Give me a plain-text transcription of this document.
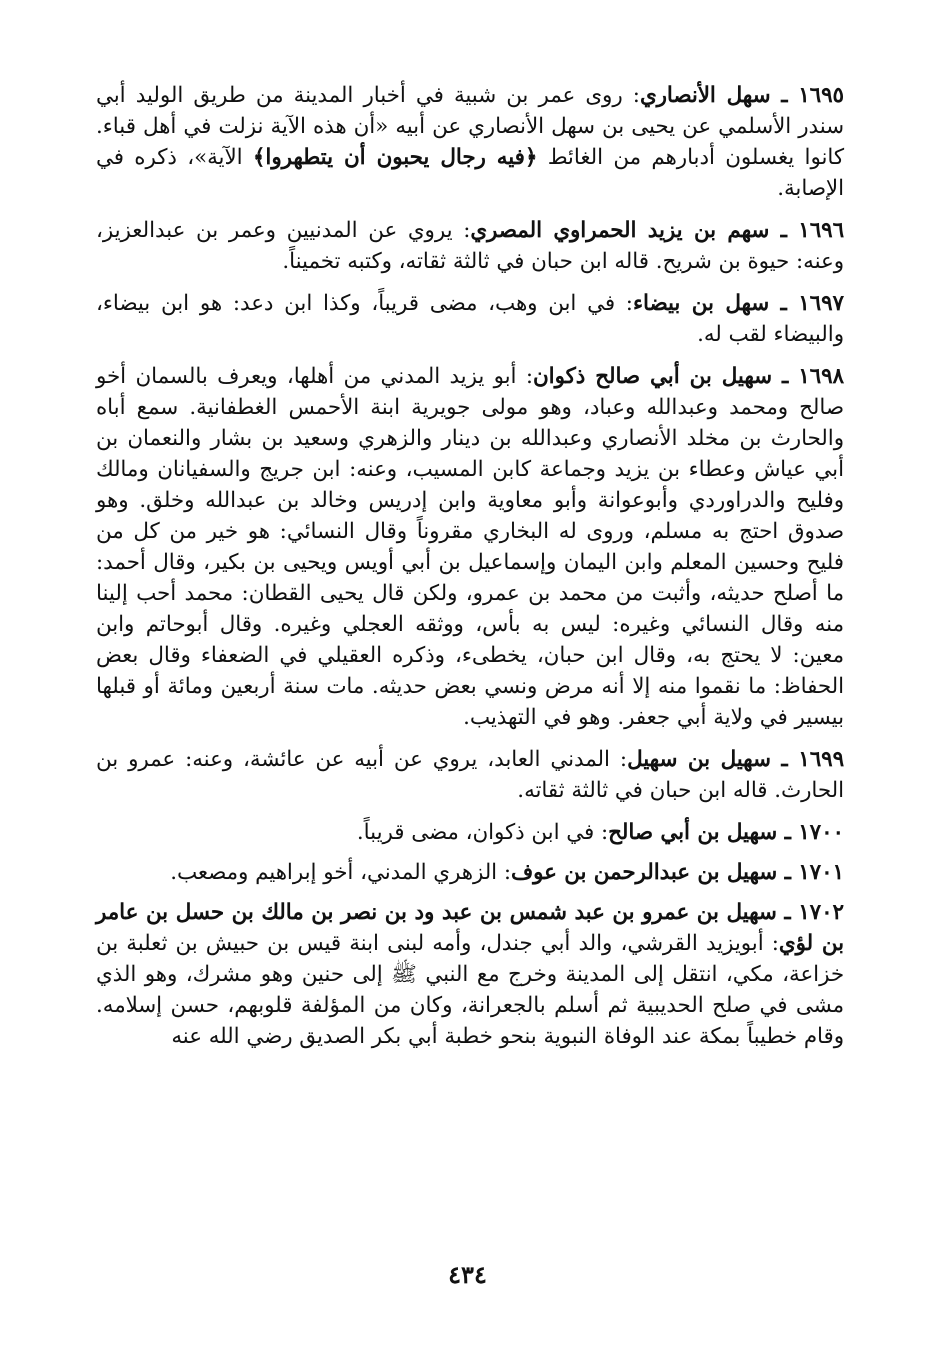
١٦٩٥ ـ سهل الأنصاري: روى عمر بن شبية في أخبار المدينة من طريق الوليد أبي سندر الأسلمي عن يحيى بن سهل الأنصاري عن أبيه «أن هذه الآية نزلت في أهل قباء. كانوا يغسلون أدبارهم من الغائط ﴿فيه رجال يحبون أن يتطهروا﴾ الآية»، ذكره في الإصابة.

١٦٩٦ ـ سهم بن يزيد الحمراوي المصري: يروي عن المدنيين وعمر بن عبدالعزيز، وعنه: حيوة بن شريح. قاله ابن حبان في ثالثة ثقاته، وكتبه تخميناً.

١٦٩٧ ـ سهل بن بيضاء: في ابن وهب، مضى قريباً، وكذا ابن دعد: هو ابن بيضاء، والبيضاء لقب له.

١٦٩٨ ـ سهيل بن أبي صالح ذكوان: أبو يزيد المدني من أهلها، ويعرف بالسمان أخو صالح ومحمد وعبدالله وعباد، وهو مولى جويرية ابنة الأحمس الغطفانية. سمع أباه والحارث بن مخلد الأنصاري وعبدالله بن دينار والزهري وسعيد بن بشار والنعمان بن أبي عياش وعطاء بن يزيد وجماعة كابن المسيب، وعنه: ابن جريج والسفيانان ومالك وفليح والدراوردي وأبوعوانة وأبو معاوية وابن إدريس وخالد بن عبدالله وخلق. وهو صدوق احتج به مسلم، وروى له البخاري مقروناً وقال النسائي: هو خير من كل من فليح وحسين المعلم وابن اليمان وإسماعيل بن أبي أويس ويحيى بن بكير، وقال أحمد: ما أصلح حديثه، وأثبت من محمد بن عمرو، ولكن قال يحيى القطان: محمد أحب إلينا منه وقال النسائي وغيره: ليس به بأس، ووثقه العجلي وغيره. وقال أبوحاتم وابن معين: لا يحتج به، وقال ابن حبان، يخطىء، وذكره العقيلي في الضعفاء وقال بعض الحفاظ: ما نقموا منه إلا أنه مرض ونسي بعض حديثه. مات سنة أربعين ومائة أو قبلها بيسير في ولاية أبي جعفر. وهو في التهذيب.

١٦٩٩ ـ سهيل بن سهيل: المدني العابد، يروي عن أبيه عن عائشة، وعنه: عمرو بن الحارث. قاله ابن حبان في ثالثة ثقاته.

١٧٠٠ ـ سهيل بن أبي صالح: في ابن ذكوان، مضى قريباً.

١٧٠١ ـ سهيل بن عبدالرحمن بن عوف: الزهري المدني، أخو إبراهيم ومصعب.

١٧٠٢ ـ سهيل بن عمرو بن عبد شمس بن عبد ود بن نصر بن مالك بن حسل بن عامر بن لؤي: أبويزيد القرشي، والد أبي جندل، وأمه لبنى ابنة قيس بن حبيش بن ثعلبة بن خزاعة، مكي، انتقل إلى المدينة وخرج مع النبي ﷺ إلى حنين وهو مشرك، وهو الذي مشى في صلح الحديبية ثم أسلم بالجعرانة، وكان من المؤلفة قلوبهم، حسن إسلامه. وقام خطيباً بمكة عند الوفاة النبوية بنحو خطبة أبي بكر الصديق رضي الله عنه

٤٣٤
